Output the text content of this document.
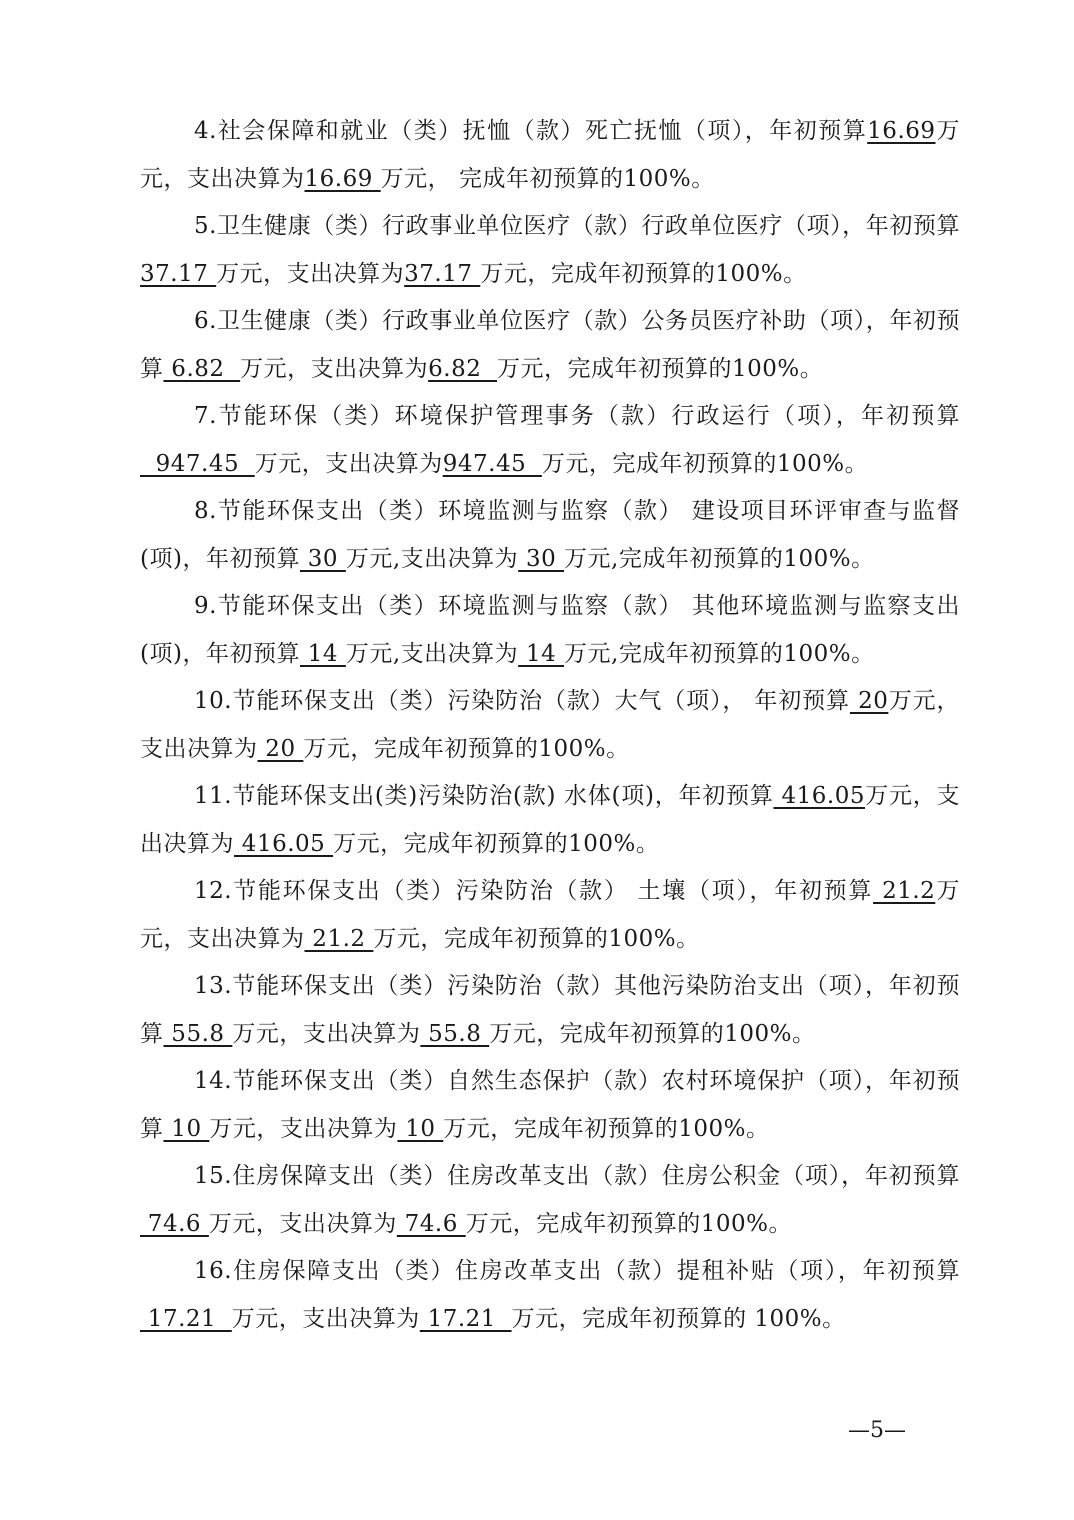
4.社会保障和就业（类）抚恤（款）死亡抚恤（项），年初预算16.69万元，支出决算为16.69 万元， 完成年初预算的100%。

5.卫生健康（类）行政事业单位医疗（款）行政单位医疗（项），年初预算37.17 万元，支出决算为37.17 万元，完成年初预算的100%。

6.卫生健康（类）行政事业单位医疗（款）公务员医疗补助（项），年初预算 6.82  万元，支出决算为6.82  万元，完成年初预算的100%。

7.节能环保（类）环境保护管理事务（款）行政运行（项），年初预算  947.45  万元，支出决算为947.45  万元，完成年初预算的100%。

8.节能环保支出（类）环境监测与监察（款） 建设项目环评审查与监督(项)，年初预算 30 万元,支出决算为 30 万元,完成年初预算的100%。

9.节能环保支出（类）环境监测与监察（款） 其他环境监测与监察支出(项)，年初预算 14 万元,支出决算为 14 万元,完成年初预算的100%。

10.节能环保支出（类）污染防治（款）大气（项）， 年初预算 20万元，支出决算为 20 万元，完成年初预算的100%。

11.节能环保支出(类)污染防治(款) 水体(项)，年初预算 416.05万元，支出决算为 416.05 万元，完成年初预算的100%。

12.节能环保支出（类）污染防治（款） 土壤（项），年初预算 21.2万元，支出决算为 21.2 万元，完成年初预算的100%。

13.节能环保支出（类）污染防治（款）其他污染防治支出（项），年初预算 55.8 万元，支出决算为 55.8 万元，完成年初预算的100%。

14.节能环保支出（类）自然生态保护（款）农村环境保护（项），年初预算 10 万元，支出决算为 10 万元，完成年初预算的100%。

15.住房保障支出（类）住房改革支出（款）住房公积金（项），年初预算 74.6 万元，支出决算为 74.6 万元，完成年初预算的100%。

16.住房保障支出（类）住房改革支出（款）提租补贴（项），年初预算 17.21  万元，支出决算为 17.21  万元，完成年初预算的 100%。

—5—
